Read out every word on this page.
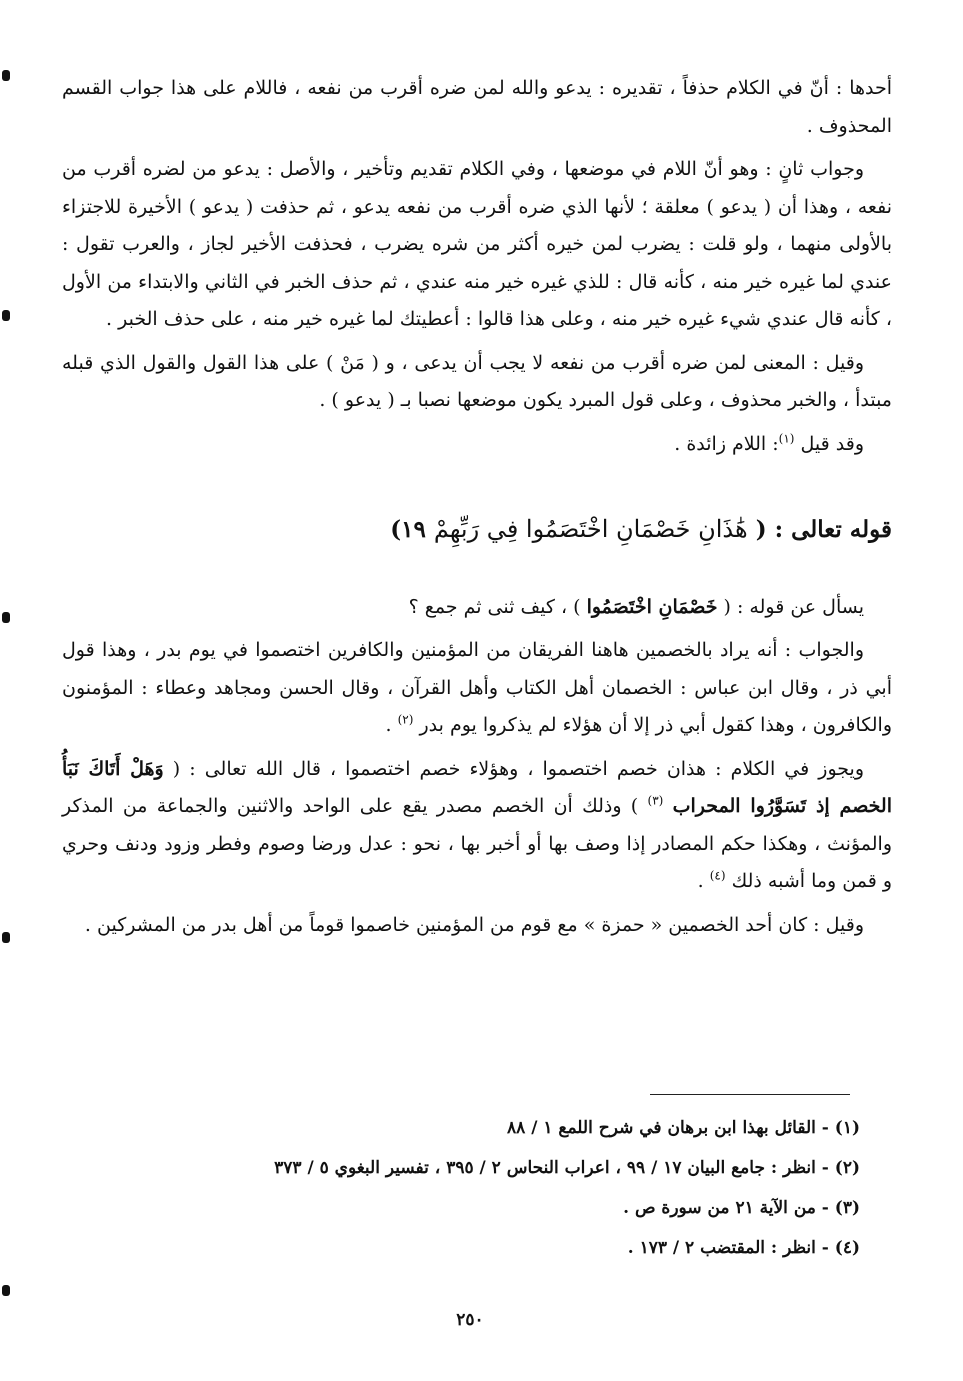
أحدها : أنّ في الكلام حذفاً ، تقديره : يدعو والله لمن ضره أقرب من نفعه ، فاللام على هذا جواب القسم المحذوف .

وجواب ثانٍ : وهو أنّ اللام في موضعها ، وفي الكلام تقديم وتأخير ، والأصل : يدعو من لضره أقرب من نفعه ، وهذا أن ( يدعو ) معلقة ؛ لأنها الذي ضره أقرب من نفعه يدعو ، ثم حذفت ( يدعو ) الأخيرة للاجتزاء بالأولى منهما ، ولو قلت : يضرب لمن خيره أكثر من شره يضرب ، فحذفت الأخير لجاز ، والعرب تقول : عندي لما غيره خير منه ، كأنه قال : للذي غيره خير منه عندي ، ثم حذف الخبر في الثاني والابتداء من الأول ، كأنه قال عندي شيء غيره خير منه ، وعلى هذا قالوا : أعطيتك لما غيره خير منه ، على حذف الخبر .

وقيل : المعنى لمن ضره أقرب من نفعه لا يجب أن يدعى ، و ( مَنْ ) على هذا القول والقول الذي قبله مبتدأ ، والخبر محذوف ، وعلى قول المبرد يكون موضعها نصبا بـ ( يدعو ) .

وقد قيل $^{(١)}$: اللام زائدة .

قوله تعالى : ( هَٰذَانِ خَصْمَانِ اخْتَصَمُوا فِي رَبِّهِمْ ١٩)

يسأل عن قوله : ( خَصْمَانِ اخْتَصَمُوا ) ، كيف ثنى ثم جمع ؟

والجواب : أنه يراد بالخصمين هاهنا الفريقان من المؤمنين والكافرين اختصموا في يوم بدر ، وهذا قول أبي ذر ، وقال ابن عباس : الخصمان أهل الكتاب وأهل القرآن ، وقال الحسن ومجاهد وعطاء : المؤمنون والكافرون ، وهذا كقول أبي ذر إلا أن هؤلاء لم يذكروا يوم بدر $^{(٢)}$ .

ويجوز في الكلام : هذان خصم اختصموا ، وهؤلاء خصم اختصموا ، قال الله تعالى : ( وَهَلْ أَتَاكَ نَبَأُ الخصم إذ تَسَوَّرُوا المحراب $^{(٣)}$ ) وذلك أن الخصم مصدر يقع على الواحد والاثنين والجماعة من المذكر والمؤنث ، وهكذا حكم المصادر إذا وصف بها أو أخبر بها ، نحو : عدل ورضا وصوم وفطر وزود ودنف وحري و قمن وما أشبه ذلك $^{(٤)}$ .

وقيل : كان أحد الخصمين « حمزة » مع قوم من المؤمنين خاصموا قوماً من أهل بدر من المشركين .

(١) - القائل بهذا ابن برهان في شرح اللمع ١ / ٨٨
(٢) - انظر : جامع البيان ١٧ / ٩٩ ، اعراب النحاس ٢ / ٣٩٥ ، تفسير البغوي ٥ / ٣٧٣
(٣) - من الآية ٢١ من سورة ص .
(٤) - انظر : المقتضب ٢ / ١٧٣ .
٢٥٠
